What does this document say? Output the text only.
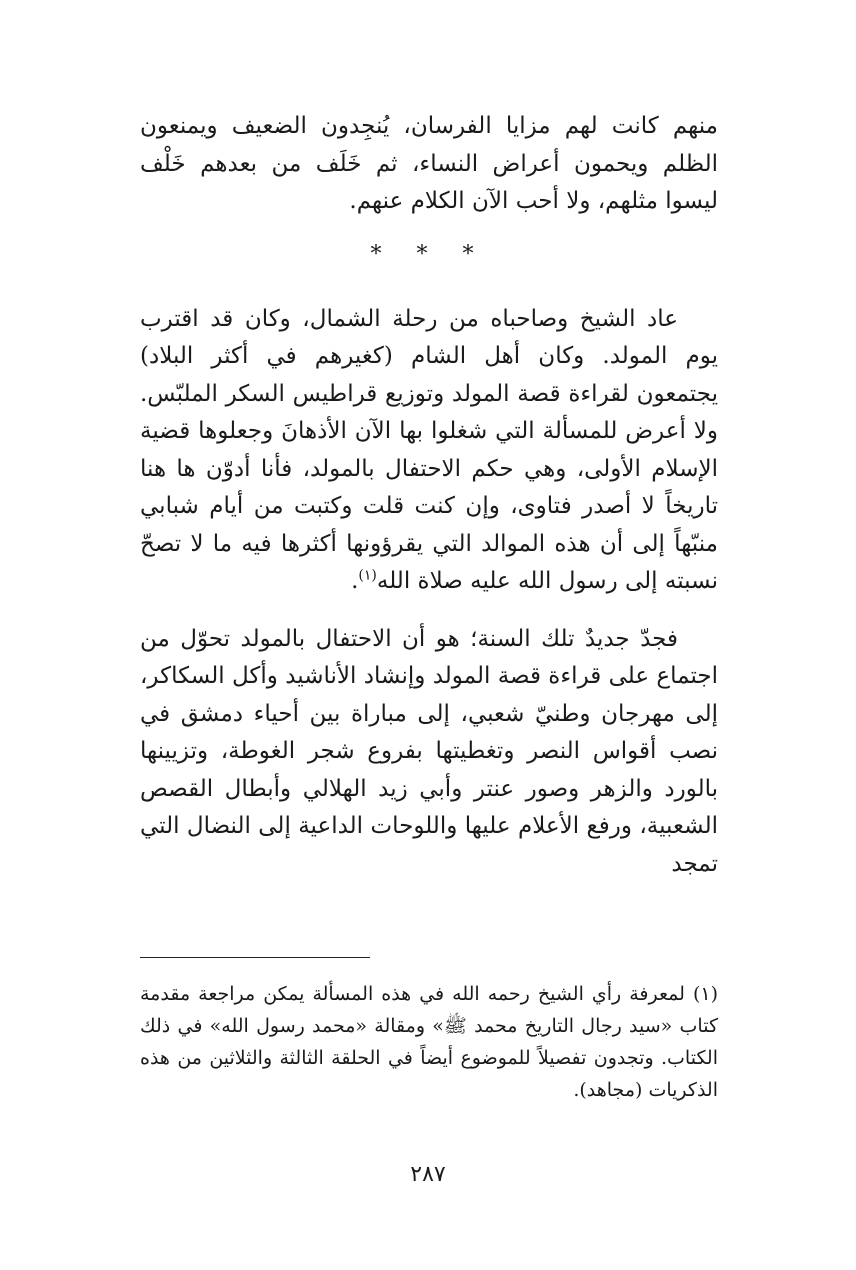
منهم كانت لهم مزايا الفرسان، يُنجِدون الضعيف ويمنعون الظلم ويحمون أعراض النساء، ثم خَلَف من بعدهم خَلْف ليسوا مثلهم، ولا أحب الآن الكلام عنهم.

* * *

عاد الشيخ وصاحباه من رحلة الشمال، وكان قد اقترب يوم المولد. وكان أهل الشام (كغيرهم في أكثر البلاد) يجتمعون لقراءة قصة المولد وتوزيع قراطيس السكر الملبّس. ولا أعرض للمسألة التي شغلوا بها الآن الأذهانَ وجعلوها قضية الإسلام الأولى، وهي حكم الاحتفال بالمولد، فأنا أدوّن ها هنا تاريخاً لا أصدر فتاوى، وإن كنت قلت وكتبت من أيام شبابي منبّهاً إلى أن هذه الموالد التي يقرؤونها أكثرها فيه ما لا تصحّ نسبته إلى رسول الله عليه صلاة الله$^{(١)}$.

فجدّ جديدٌ تلك السنة؛ هو أن الاحتفال بالمولد تحوّل من اجتماع على قراءة قصة المولد وإنشاد الأناشيد وأكل السكاكر، إلى مهرجان وطنيّ شعبي، إلى مباراة بين أحياء دمشق في نصب أقواس النصر وتغطيتها بفروع شجر الغوطة، وتزيينها بالورد والزهر وصور عنتر وأبي زيد الهلالي وأبطال القصص الشعبية، ورفع الأعلام عليها واللوحات الداعية إلى النضال التي تمجد

(١) لمعرفة رأي الشيخ رحمه الله في هذه المسألة يمكن مراجعة مقدمة كتاب «سيد رجال التاريخ محمد ﷺ» ومقالة «محمد رسول الله» في ذلك الكتاب. وتجدون تفصيلاً للموضوع أيضاً في الحلقة الثالثة والثلاثين من هذه الذكريات (مجاهد).

٢٨٧
